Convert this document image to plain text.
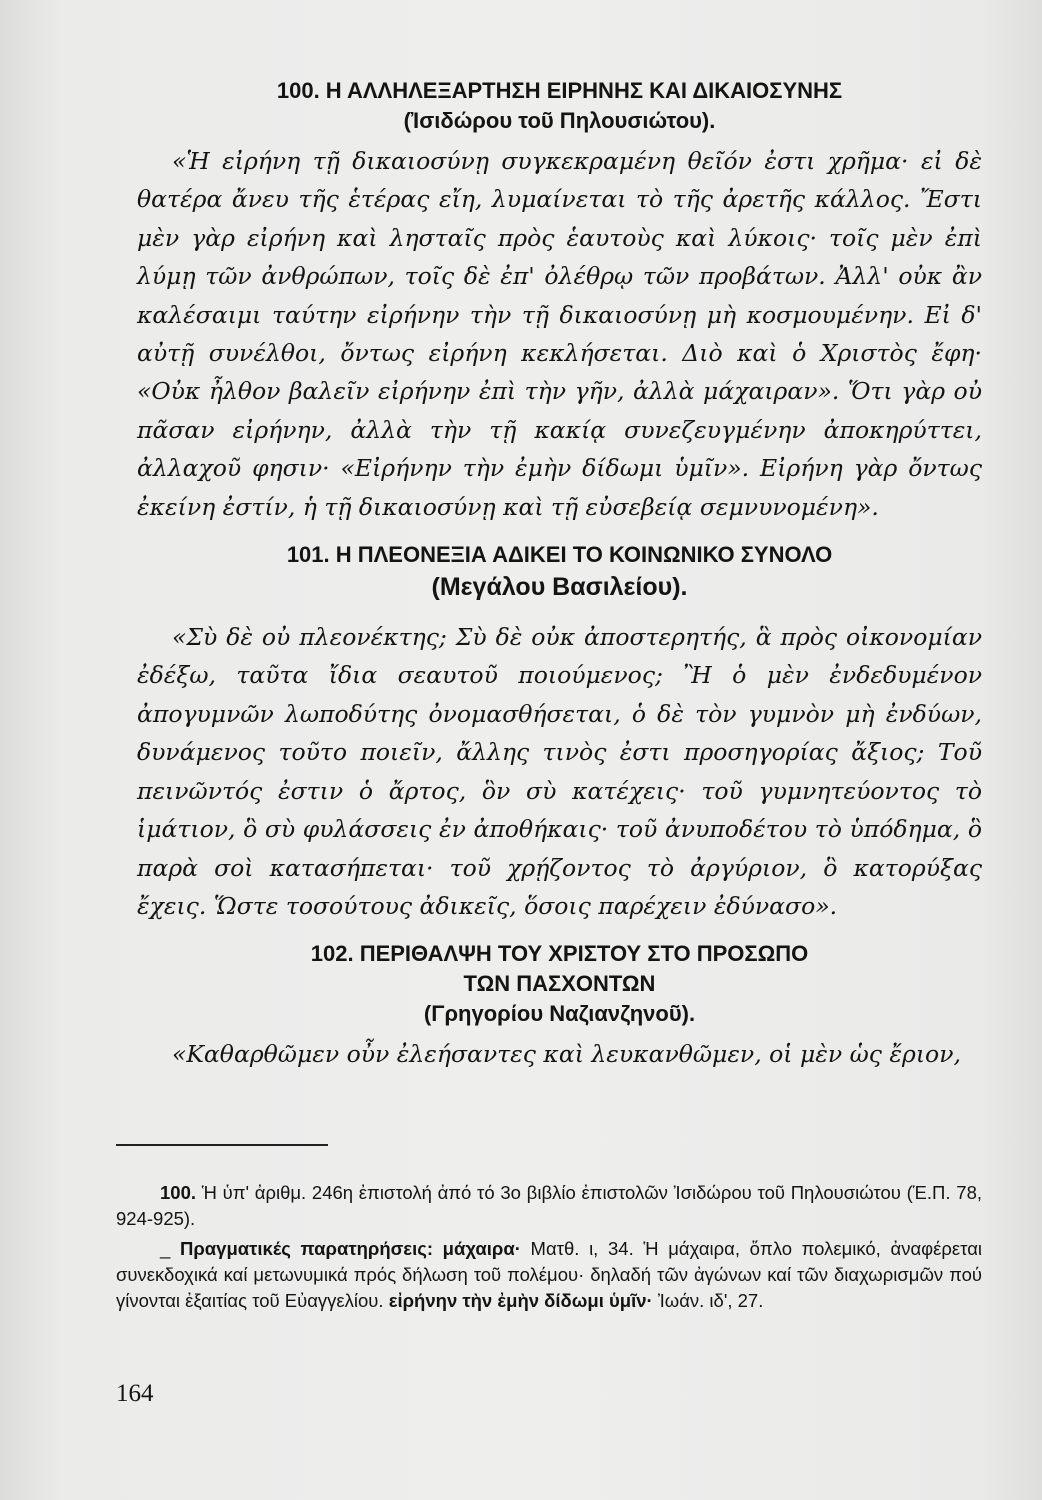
100. Η ΑΛΛΗΛΕΞΑΡΤΗΣΗ ΕΙΡΗΝΗΣ ΚΑΙ ΔΙΚΑΙΟΣΥΝΗΣ

(Ἰσιδώρου τοῦ Πηλουσιώτου).

«Ἡ εἰρήνη τῇ δικαιοσύνῃ συγκεκραμένη θεῖόν ἐστι χρῆμα· εἰ δὲ θατέρα ἄνευ τῆς ἑτέρας εἴη, λυμαίνεται τὸ τῆς ἀρετῆς κάλλος. Ἔστι μὲν γὰρ εἰρήνη καὶ λησταῖς πρὸς ἑαυτοὺς καὶ λύκοις· τοῖς μὲν ἐπὶ λύμῃ τῶν ἀνθρώπων, τοῖς δὲ ἐπ' ὀλέθρῳ τῶν προβάτων. Ἀλλ' οὐκ ἂν καλέσαιμι ταύτην εἰρήνην τὴν τῇ δικαιοσύνῃ μὴ κοσμουμένην. Εἰ δ' αὐτῇ συνέλθοι, ὄντως εἰρήνη κεκλήσεται. Διὸ καὶ ὁ Χριστὸς ἔφη· «Οὐκ ἦλθον βαλεῖν εἰρήνην ἐπὶ τὴν γῆν, ἀλλὰ μάχαιραν». Ὅτι γὰρ οὐ πᾶσαν εἰρήνην, ἀλλὰ τὴν τῇ κακίᾳ συνεζευγμένην ἀποκηρύττει, ἀλλαχοῦ φησιν· «Εἰρήνην τὴν ἐμὴν δίδωμι ὑμῖν». Εἰρήνη γὰρ ὄντως ἐκείνη ἐστίν, ἡ τῇ δικαιοσύνῃ καὶ τῇ εὐσεβείᾳ σεμνυνομένη».

101. Η ΠΛΕΟΝΕΞΙΑ ΑΔΙΚΕΙ ΤΟ ΚΟΙΝΩΝΙΚΟ ΣΥΝΟΛΟ

(Μεγάλου Βασιλείου).

«Σὺ δὲ οὐ πλεονέκτης; Σὺ δὲ οὐκ ἀποστερητής, ἃ πρὸς οἰκονομίαν ἐδέξω, ταῦτα ἴδια σεαυτοῦ ποιούμενος; Ἢ ὁ μὲν ἐνδεδυμένον ἀπογυμνῶν λωποδύτης ὀνομασθήσεται, ὁ δὲ τὸν γυμνὸν μὴ ἐνδύων, δυνάμενος τοῦτο ποιεῖν, ἄλλης τινὸς ἐστι προσηγορίας ἄξιος; Τοῦ πεινῶντός ἐστιν ὁ ἄρτος, ὃν σὺ κατέχεις· τοῦ γυμνητεύοντος τὸ ἱμάτιον, ὃ σὺ φυλάσσεις ἐν ἀποθήκαις· τοῦ ἀνυποδέτου τὸ ὑπόδημα, ὃ παρὰ σοὶ κατασήπεται· τοῦ χρῄζοντος τὸ ἀργύριον, ὃ κατορύξας ἔχεις. Ὥστε τοσούτους ἀδικεῖς, ὅσοις παρέχειν ἐδύνασο».

102. ΠΕΡΙΘΑΛΨΗ ΤΟΥ ΧΡΙΣΤΟΥ ΣΤΟ ΠΡΟΣΩΠΟ

ΤΩΝ ΠΑΣΧΟΝΤΩΝ

(Γρηγορίου Ναζιανζηνοῦ).

«Καθαρθῶμεν οὖν ἐλεήσαντες καὶ λευκανθῶμεν, οἱ μὲν ὡς ἔριον,

100. Ἡ ὑπ' ἀριθμ. 246η ἐπιστολή ἀπό τό 3ο βιβλίο ἐπιστολῶν Ἰσιδώρου τοῦ Πηλουσιώτου (Ἑ.Π. 78, 924-925).

_ Πραγματικές παρατηρήσεις: μάχαιρα· Ματθ. ι, 34. Ἡ μάχαιρα, ὅπλο πολεμικό, ἀναφέρεται συνεκδοχικά καί μετωνυμικά πρός δήλωση τοῦ πολέμου· δηλαδή τῶν ἀγώνων καί τῶν διαχωρισμῶν πού γίνονται ἐξαιτίας τοῦ Εὐαγγελίου. εἰρήνην τὴν ἐμὴν δίδωμι ὑμῖν· Ἰωάν. ιδ', 27.

164
